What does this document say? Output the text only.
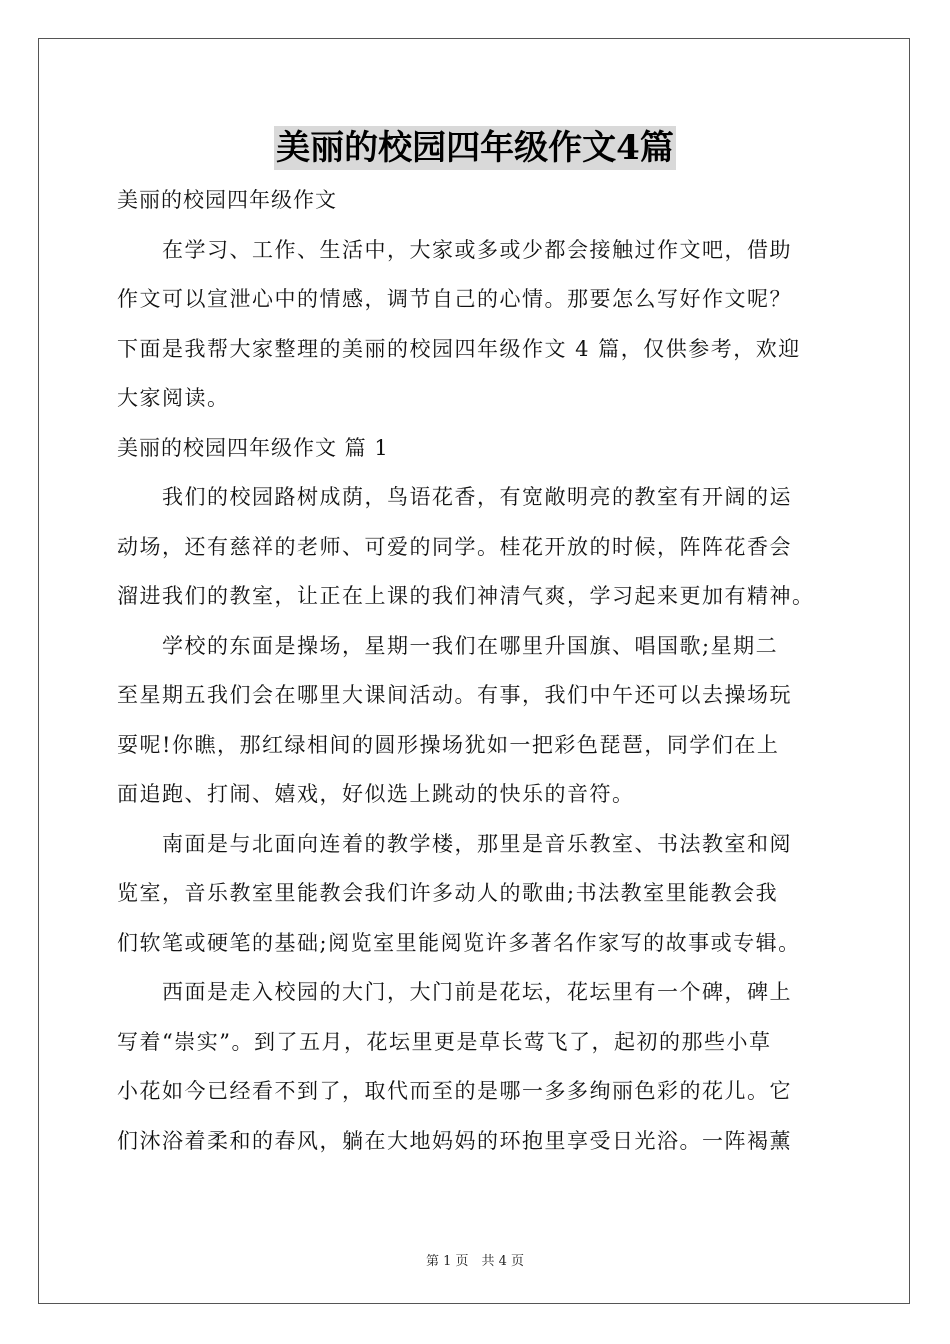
美丽的校园四年级作文4篇

美丽的校园四年级作文

　　在学习、工作、生活中，大家或多或少都会接触过作文吧，借助

作文可以宣泄心中的情感，调节自己的心情。那要怎么写好作文呢？

下面是我帮大家整理的美丽的校园四年级作文 4 篇，仅供参考，欢迎

大家阅读。

美丽的校园四年级作文 篇 1

　　我们的校园路树成荫，鸟语花香，有宽敞明亮的教室有开阔的运

动场，还有慈祥的老师、可爱的同学。桂花开放的时候，阵阵花香会

溜进我们的教室，让正在上课的我们神清气爽，学习起来更加有精神。

　　学校的东面是操场，星期一我们在哪里升国旗、唱国歌;星期二

至星期五我们会在哪里大课间活动。有事，我们中午还可以去操场玩

耍呢!你瞧，那红绿相间的圆形操场犹如一把彩色琵琶，同学们在上

面追跑、打闹、嬉戏，好似选上跳动的快乐的音符。

　　南面是与北面向连着的教学楼，那里是音乐教室、书法教室和阅

览室，音乐教室里能教会我们许多动人的歌曲;书法教室里能教会我

们软笔或硬笔的基础;阅览室里能阅览许多著名作家写的故事或专辑。

　　西面是走入校园的大门，大门前是花坛，花坛里有一个碑，碑上

写着“崇实”。到了五月，花坛里更是草长莺飞了，起初的那些小草

小花如今已经看不到了，取代而至的是哪一多多绚丽色彩的花儿。它

们沐浴着柔和的春风，躺在大地妈妈的环抱里享受日光浴。一阵褐薰

第 1 页　共 4 页
